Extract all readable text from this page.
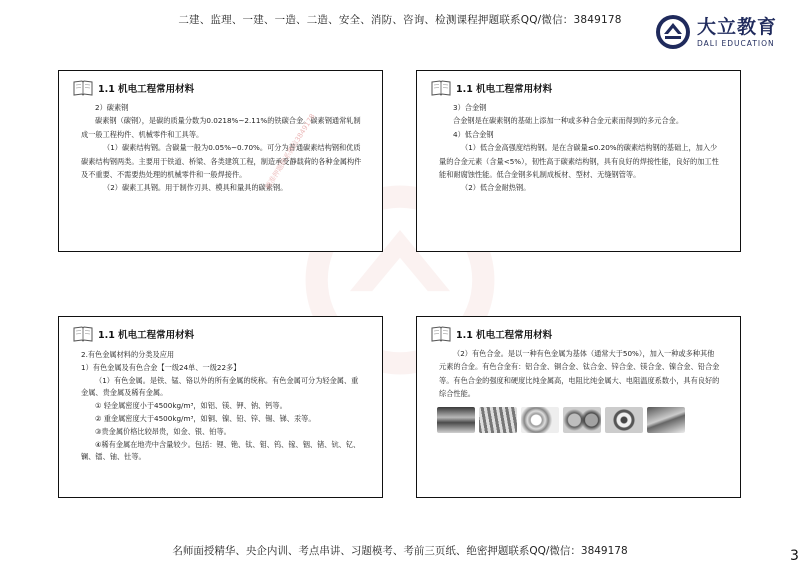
二建、监理、一建、一造、二造、安全、消防、咨询、检测课程押题联系QQ/微信：3849178	大立教育
DALI EDUCATION
1.1 机电工程常用材料

2）碳素钢

碳素钢（碳钢），是碳的质量分数为0.0218%~2.11%的铁碳合金。碳素钢通常轧制成一般工程构件、机械零件和工具等。

（1）碳素结构钢。含碳量一般为0.05%~0.70%。可分为普通碳素结构钢和优质碳素结构钢两类。主要用于铁道、桥梁、各类建筑工程，制造承受静载荷的各种金属构件及不重要、不需要热处理的机械零件和一般焊接件。

（2）碳素工具钢。用于制作刃具、模具和量具的碳素钢。

精准押题联系微信3849178
1.1 机电工程常用材料

3）合金钢

合金钢是在碳素钢的基础上添加一种或多种合金元素而得到的多元合金。

4）低合金钢

（1）低合金高强度结构钢。是在含碳量≤0.20%的碳素结构钢的基础上，加入少量的合金元素（含量<5%），韧性高于碳素结构钢，具有良好的焊接性能，良好的加工性能和耐腐蚀性能。低合金钢多轧制成板材、型材、无缝钢管等。

（2）低合金耐热钢。

1.1 机电工程常用材料

2.有色金属材料的分类及应用

1）有色金属及有色合金【一级24单、一级22多】

（1）有色金属。是铁、锰、铬以外的所有金属的统称。有色金属可分为轻金属、重金属、贵金属及稀有金属。

① 轻金属密度小于4500kg/m³，如铝、镁、钾、钠、钙等。

② 重金属密度大于4500kg/m³，如铜、镍、铅、锌、锡、锑、汞等。

③贵金属价格比较昂贵，如金、银、铂等。

④稀有金属在地壳中含量较少。包括：锂、铯、钛、钼、钨、镓、铟、锗、钪、钇、镧、镭、铀、钍等。

1.1 机电工程常用材料

（2）有色合金。是以一种有色金属为基体（通常大于50%），加入一种或多种其他元素的合金。有色合金有：铝合金、铜合金、钛合金、锌合金、镁合金、镍合金、铅合金等。有色合金的强度和硬度比纯金属高，电阻比纯金属大、电阻温度系数小，具有良好的综合性能。

名师面授精华、央企内训、考点串讲、习题模考、考前三页纸、绝密押题联系QQ/微信：3849178	3
